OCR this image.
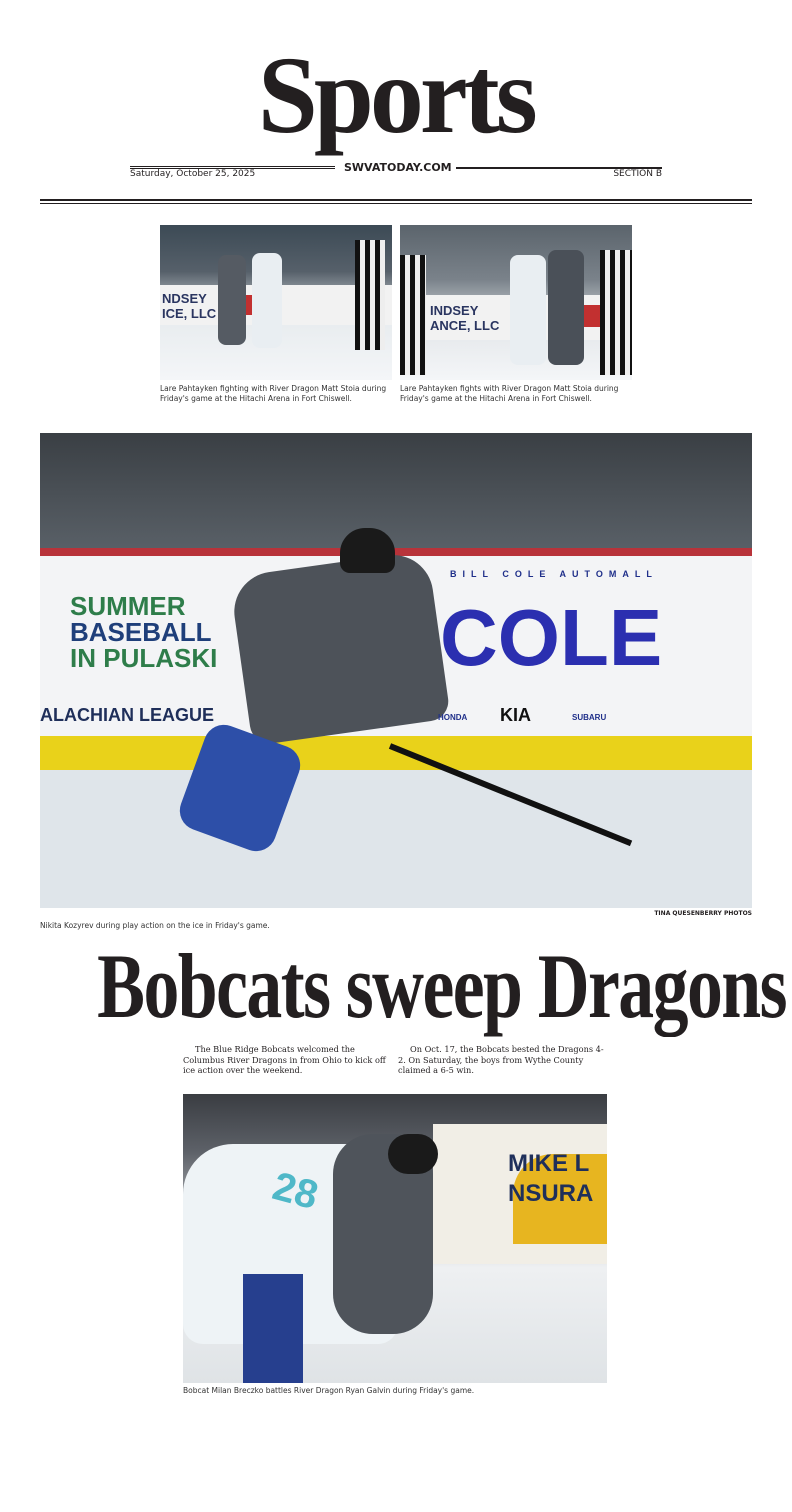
Sports
Saturday, October 25, 2025	SWVATODAY.COM	SECTION B
NDSEY
ICE, LLC
Lare Pahtayken fighting with River Dragon Matt Stoia during Friday's game at the Hitachi Arena in Fort Chiswell.
INDSEY
ANCE, LLC
Lare Pahtayken fights with River Dragon Matt Stoia during Friday's game at the Hitachi Arena in Fort Chiswell.
SUMMER
BASEBALL
IN PULASKI
BILL COLE AUTOMALL
COLE
ALACHIAN LEAGUE	HONDA KIA	SUBARU
Nikita Kozyrev during play action on the ice in Friday's game.
TINA QUESENBERRY PHOTOS
Bobcats sweep Dragons

The Blue Ridge Bobcats welcomed the Columbus River Dragons in from Ohio to kick off ice action over the weekend.

On Oct. 17, the Bobcats bested the Dragons 4-2. On Saturday, the boys from Wythe County claimed a 6-5 win.

MIKE L
NSURA
28
Bobcat Milan Breczko battles River Dragon Ryan Galvin during Friday's game.
